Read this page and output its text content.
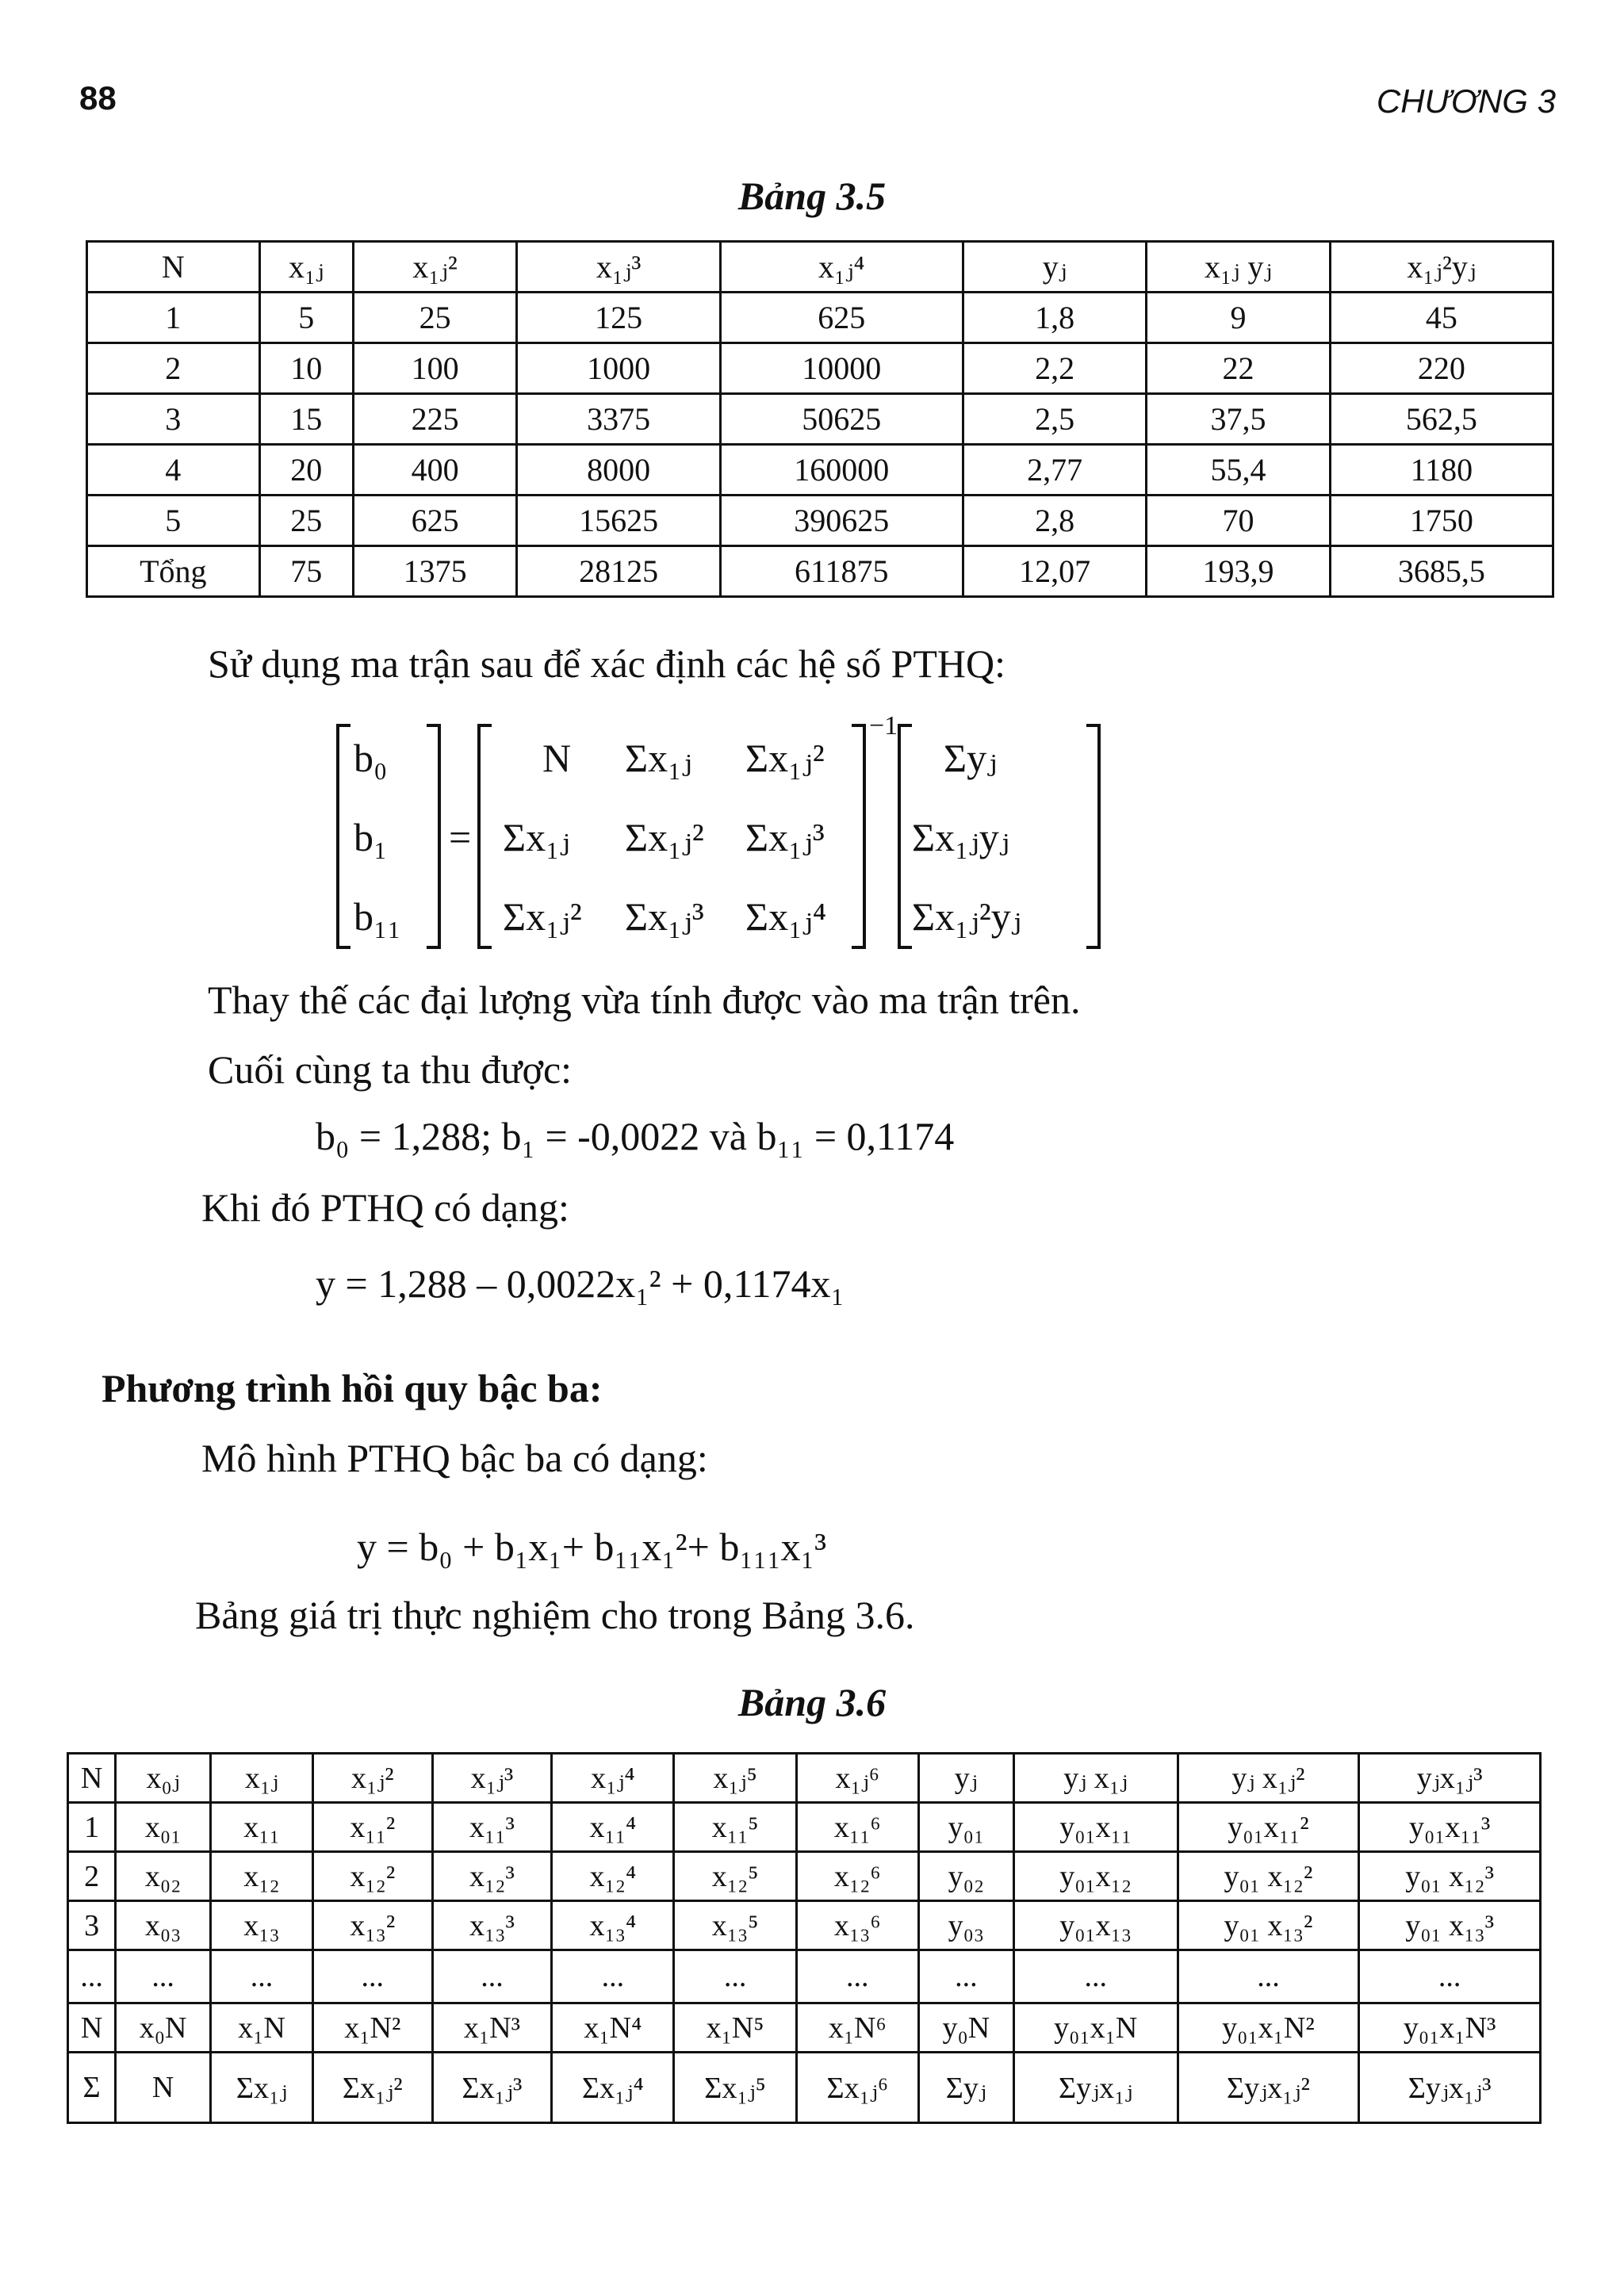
88	CHƯƠNG 3
Bảng 3.5
N	x₁ⱼ	x₁ⱼ²	x₁ⱼ³	x₁ⱼ⁴	yⱼ	x₁ⱼ yⱼ	x₁ⱼ²yⱼ
1	5	25	125	625	1,8	9	45
2	10	100	1000	10000	2,2	22	220
3	15	225	3375	50625	2,5	37,5	562,5
4	20	400	8000	160000	2,77	55,4	1180
5	25	625	15625	390625	2,8	70	1750
Tổng	75	1375	28125	611875	12,07	193,9	3685,5
Sử dụng ma trận sau để xác định các hệ số PTHQ:
b₀
b₁
b₁₁
=
N Σx₁ⱼ Σx₁ⱼ²
Σx₁ⱼ Σx₁ⱼ² Σx₁ⱼ³
Σx₁ⱼ² Σx₁ⱼ³ Σx₁ⱼ⁴
−1
Σyⱼ
Σx₁ⱼyⱼ
Σx₁ⱼ²yⱼ
Thay thế các đại lượng vừa tính được vào ma trận trên.
Cuối cùng ta thu được:
b₀ = 1,288; b₁ = -0,0022 và b₁₁ = 0,1174
Khi đó PTHQ có dạng:
y = 1,288 – 0,0022x₁² + 0,1174x₁
Phương trình hồi quy bậc ba:
Mô hình PTHQ bậc ba có dạng:
y = b₀ + b₁x₁+ b₁₁x₁²+ b₁₁₁x₁³
Bảng giá trị thực nghiệm cho trong Bảng 3.6.
Bảng 3.6
N	x₀ⱼ	x₁ⱼ	x₁ⱼ²	x₁ⱼ³	x₁ⱼ⁴	x₁ⱼ⁵	x₁ⱼ⁶	yⱼ	yⱼ x₁ⱼ	yⱼ x₁ⱼ²	yⱼx₁ⱼ³
1	x₀₁	x₁₁	x₁₁²	x₁₁³	x₁₁⁴	x₁₁⁵	x₁₁⁶	y₀₁	y₀₁x₁₁	y₀₁x₁₁²	y₀₁x₁₁³
2	x₀₂	x₁₂	x₁₂²	x₁₂³	x₁₂⁴	x₁₂⁵	x₁₂⁶	y₀₂	y₀₁x₁₂	y₀₁ x₁₂²	y₀₁ x₁₂³
3	x₀₃	x₁₃	x₁₃²	x₁₃³	x₁₃⁴	x₁₃⁵	x₁₃⁶	y₀₃	y₀₁x₁₃	y₀₁ x₁₃²	y₀₁ x₁₃³
...	...	...	...	...	...	...	...	...	...	...	...
N	x₀N	x₁N	x₁N²	x₁N³	x₁N⁴	x₁N⁵	x₁N⁶	y₀N	y₀₁x₁N	y₀₁x₁N²	y₀₁x₁N³
Σ	N	Σx₁ⱼ	Σx₁ⱼ²	Σx₁ⱼ³	Σx₁ⱼ⁴	Σx₁ⱼ⁵	Σx₁ⱼ⁶	Σyⱼ	Σyⱼx₁ⱼ	Σyⱼx₁ⱼ²	Σyⱼx₁ⱼ³
